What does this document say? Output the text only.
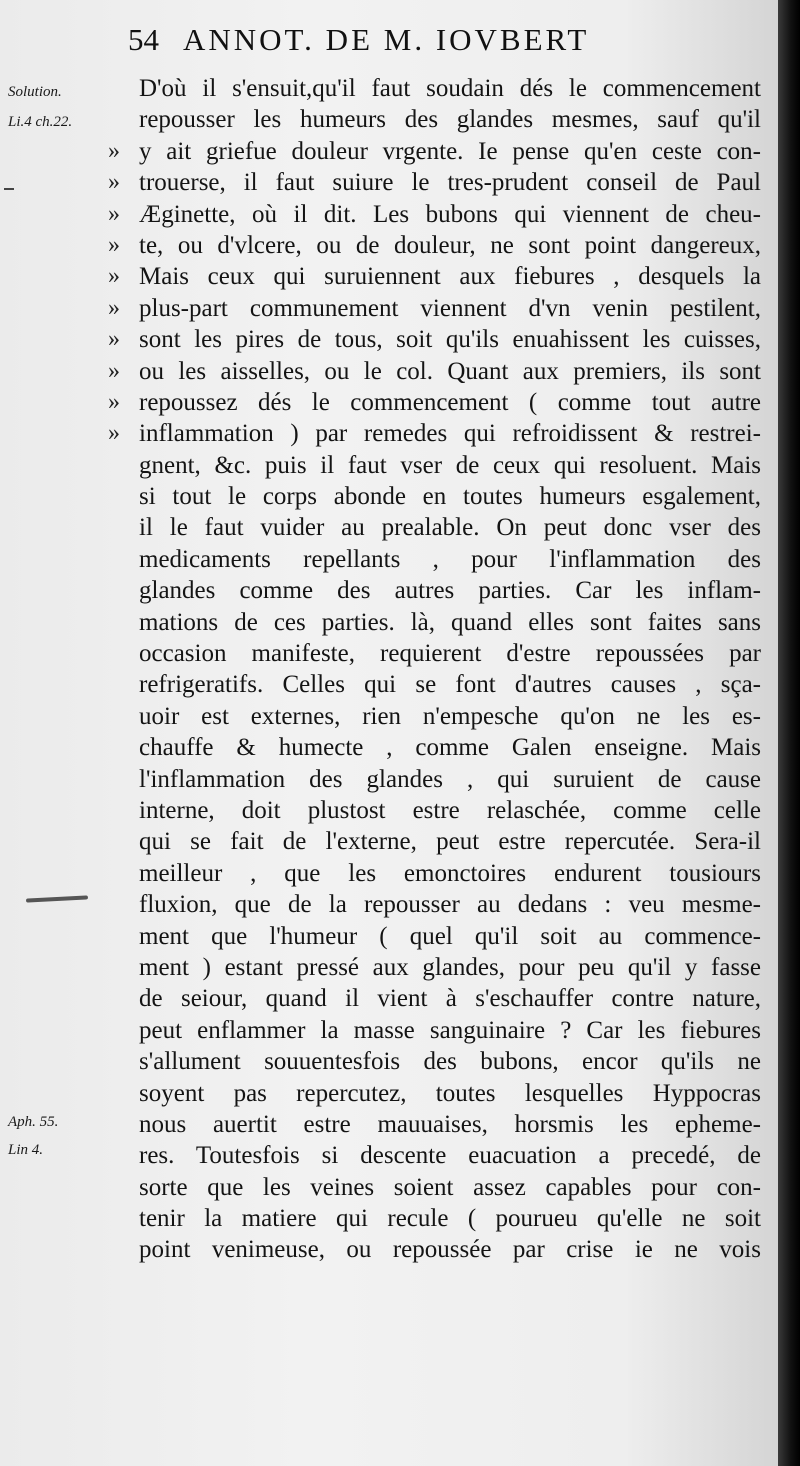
54 ANNOT. DE M. IOVBERT
Solution.
Li.4 ch.22.
Aph. 55.
Lin 4.
D'où il s'ensuit,qu'il faut soudain dés le commencement
repousser les humeurs des glandes mesmes, sauf qu'il
» y ait griefue douleur vrgente. Ie pense qu'en ceste con-
» trouerse, il faut suiure le tres-prudent conseil de Paul
» Æginette, où il dit. Les bubons qui viennent de cheu-
» te, ou d'vlcere, ou de douleur, ne sont point dangereux,
» Mais ceux qui suruiennent aux fiebures , desquels la
» plus-part communement viennent d'vn venin pestilent,
» sont les pires de tous, soit qu'ils enuahissent les cuisses,
» ou les aisselles, ou le col. Quant aux premiers, ils sont
» repoussez dés le commencement ( comme tout autre
» inflammation ) par remedes qui refroidissent & restrei-
gnent, &c. puis il faut vser de ceux qui resoluent. Mais
si tout le corps abonde en toutes humeurs esgalement,
il le faut vuider au prealable. On peut donc vser des
medicaments repellants , pour l'inflammation des
glandes comme des autres parties. Car les inflam-
mations de ces parties. là, quand elles sont faites sans
occasion manifeste, requierent d'estre repoussées par
refrigeratifs. Celles qui se font d'autres causes , sça-
uoir est externes, rien n'empesche qu'on ne les es-
chauffe & humecte , comme Galen enseigne. Mais
l'inflammation des glandes , qui suruient de cause
interne, doit plustost estre relaschée, comme celle
qui se fait de l'externe, peut estre repercutée. Sera-il
meilleur , que les emonctoires endurent tousiours
fluxion, que de la repousser au dedans : veu mesme-
ment que l'humeur ( quel qu'il soit au commence-
ment ) estant pressé aux glandes, pour peu qu'il y fasse
de seiour, quand il vient à s'eschauffer contre nature,
peut enflammer la masse sanguinaire ? Car les fiebures
s'allument souuentesfois des bubons, encor qu'ils ne
soyent pas repercutez, toutes lesquelles Hyppocras
nous auertit estre mauuaises, horsmis les epheme-
res. Toutesfois si descente euacuation a precedé, de
sorte que les veines soient assez capables pour con-
tenir la matiere qui recule ( pourueu qu'elle ne soit
point venimeuse, ou repoussée par crise ie ne vois
